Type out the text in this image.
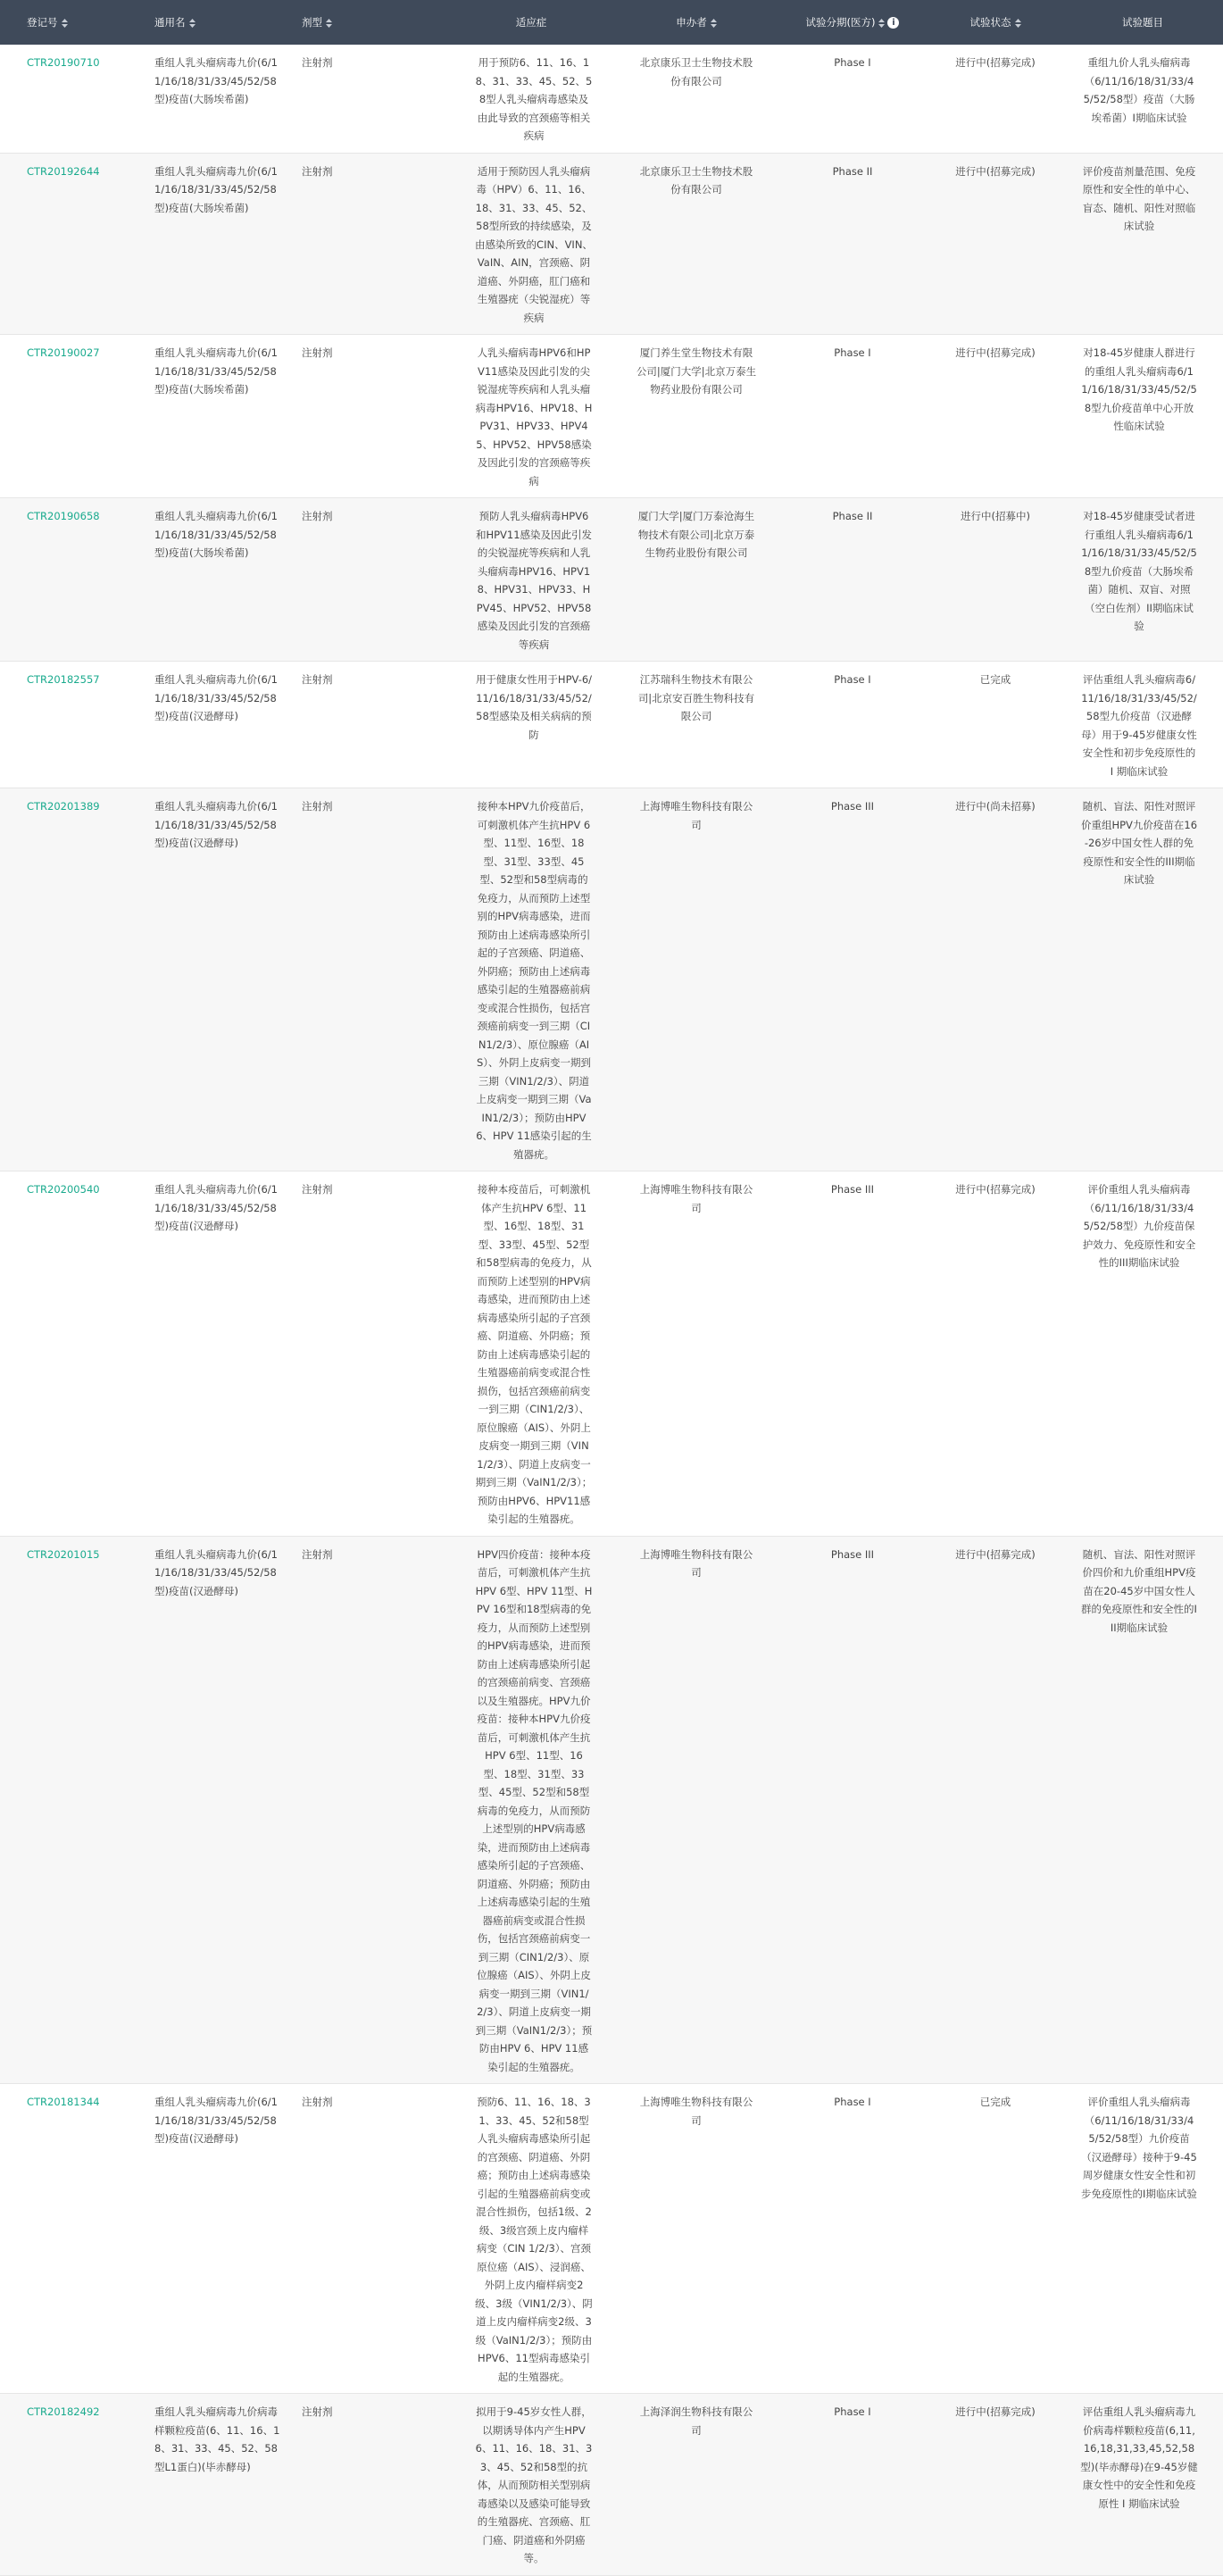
登记号	通用名	剂型	适应症	申办者	试验分期(医方) i	试验状态	试验题目
CTR20190710	重组人乳头瘤病毒九价(6/11/16/18/31/33/45/52/58型)疫苗(大肠埃希菌)	注射剂	用于预防6、11、16、18、31、33、45、52、58型人乳头瘤病毒感染及由此导致的宫颈癌等相关疾病	北京康乐卫士生物技术股份有限公司	Phase I	进行中(招募完成)	重组九价人乳头瘤病毒（6/11/16/18/31/33/45/52/58型）疫苗（大肠埃希菌）I期临床试验
CTR20192644	重组人乳头瘤病毒九价(6/11/16/18/31/33/45/52/58型)疫苗(大肠埃希菌)	注射剂	适用于预防因人乳头瘤病毒（HPV）6、11、16、18、31、33、45、52、58型所致的持续感染，及由感染所致的CIN、VIN、VaIN、AIN，宫颈癌、阴道癌、外阴癌，肛门癌和生殖器疣（尖锐湿疣）等疾病	北京康乐卫士生物技术股份有限公司	Phase II	进行中(招募完成)	评价疫苗剂量范围、免疫原性和安全性的单中心、盲态、随机、阳性对照临床试验
CTR20190027	重组人乳头瘤病毒九价(6/11/16/18/31/33/45/52/58型)疫苗(大肠埃希菌)	注射剂	人乳头瘤病毒HPV6和HPV11感染及因此引发的尖锐湿疣等疾病和人乳头瘤病毒HPV16、HPV18、HPV31、HPV33、HPV45、HPV52、HPV58感染及因此引发的宫颈癌等疾病	厦门养生堂生物技术有限公司|厦门大学|北京万泰生物药业股份有限公司	Phase I	进行中(招募完成)	对18-45岁健康人群进行的重组人乳头瘤病毒6/11/16/18/31/33/45/52/58型九价疫苗单中心开放性临床试验
CTR20190658	重组人乳头瘤病毒九价(6/11/16/18/31/33/45/52/58型)疫苗(大肠埃希菌)	注射剂	预防人乳头瘤病毒HPV6和HPV11感染及因此引发的尖锐湿疣等疾病和人乳头瘤病毒HPV16、HPV18、HPV31、HPV33、HPV45、HPV52、HPV58感染及因此引发的宫颈癌等疾病	厦门大学|厦门万泰沧海生物技术有限公司|北京万泰生物药业股份有限公司	Phase II	进行中(招募中)	对18-45岁健康受试者进行重组人乳头瘤病毒6/11/16/18/31/33/45/52/58型九价疫苗（大肠埃希菌）随机、双盲、对照（空白佐剂）II期临床试验
CTR20182557	重组人乳头瘤病毒九价(6/11/16/18/31/33/45/52/58型)疫苗(汉逊酵母)	注射剂	用于健康女性用于HPV-6/11/16/18/31/33/45/52/58型感染及相关病病的预防	江苏瑞科生物技术有限公司|北京安百胜生物科技有限公司	Phase I	已完成	评估重组人乳头瘤病毒6/11/16/18/31/33/45/52/58型九价疫苗（汉逊酵母）用于9-45岁健康女性安全性和初步免疫原性的 I 期临床试验
CTR20201389	重组人乳头瘤病毒九价(6/11/16/18/31/33/45/52/58型)疫苗(汉逊酵母)	注射剂	接种本HPV九价疫苗后，可刺激机体产生抗HPV 6型、11型、16型、18型、31型、33型、45型、52型和58型病毒的免疫力，从而预防上述型别的HPV病毒感染，进而预防由上述病毒感染所引起的子宫颈癌、阴道癌、外阴癌；预防由上述病毒感染引起的生殖器癌前病变或混合性损伤，包括宫颈癌前病变一到三期（CIN1/2/3）、原位腺癌（AIS）、外阴上皮病变一期到三期（VIN1/2/3）、阴道上皮病变一期到三期（VaIN1/2/3）；预防由HPV 6、HPV 11感染引起的生殖器疣。	上海博唯生物科技有限公司	Phase III	进行中(尚未招募)	随机、盲法、阳性对照评价重组HPV九价疫苗在16-26岁中国女性人群的免疫原性和安全性的III期临床试验
CTR20200540	重组人乳头瘤病毒九价(6/11/16/18/31/33/45/52/58型)疫苗(汉逊酵母)	注射剂	接种本疫苗后，可刺激机体产生抗HPV 6型、11型、16型、18型、31型、33型、45型、52型和58型病毒的免疫力，从而预防上述型别的HPV病毒感染，进而预防由上述病毒感染所引起的子宫颈癌、阴道癌、外阴癌；预防由上述病毒感染引起的生殖器癌前病变或混合性损伤，包括宫颈癌前病变一到三期（CIN1/2/3）、原位腺癌（AIS）、外阴上皮病变一期到三期（VIN1/2/3）、阴道上皮病变一期到三期（VaIN1/2/3）；预防由HPV6、HPV11感染引起的生殖器疣。	上海博唯生物科技有限公司	Phase III	进行中(招募完成)	评价重组人乳头瘤病毒（6/11/16/18/31/33/45/52/58型）九价疫苗保护效力、免疫原性和安全性的III期临床试验
CTR20201015	重组人乳头瘤病毒九价(6/11/16/18/31/33/45/52/58型)疫苗(汉逊酵母)	注射剂	HPV四价疫苗：接种本疫苗后，可刺激机体产生抗HPV 6型、HPV 11型、HPV 16型和18型病毒的免疫力，从而预防上述型别的HPV病毒感染，进而预防由上述病毒感染所引起的宫颈癌前病变、宫颈癌以及生殖器疣。HPV九价疫苗：接种本HPV九价疫苗后，可刺激机体产生抗HPV 6型、11型、16型、18型、31型、33型、45型、52型和58型病毒的免疫力，从而预防上述型别的HPV病毒感染，进而预防由上述病毒感染所引起的子宫颈癌、阴道癌、外阴癌；预防由上述病毒感染引起的生殖器癌前病变或混合性损伤，包括宫颈癌前病变一到三期（CIN1/2/3）、原位腺癌（AIS）、外阴上皮病变一期到三期（VIN1/2/3）、阴道上皮病变一期到三期（VaIN1/2/3）；预防由HPV 6、HPV 11感染引起的生殖器疣。	上海博唯生物科技有限公司	Phase III	进行中(招募完成)	随机、盲法、阳性对照评价四价和九价重组HPV疫苗在20-45岁中国女性人群的免疫原性和安全性的III期临床试验
CTR20181344	重组人乳头瘤病毒九价(6/11/16/18/31/33/45/52/58型)疫苗(汉逊酵母)	注射剂	预防6、11、16、18、31、33、45、52和58型人乳头瘤病毒感染所引起的宫颈癌、阴道癌、外阴癌；预防由上述病毒感染引起的生殖器癌前病变或混合性损伤，包括1级、2级、3级宫颈上皮内瘤样病变（CIN 1/2/3）、宫颈原位癌（AIS）、浸润癌、外阴上皮内瘤样病变2级、3级（VIN1/2/3）、阴道上皮内瘤样病变2级、3级（VaIN1/2/3）；预防由HPV6、11型病毒感染引起的生殖器疣。	上海博唯生物科技有限公司	Phase I	已完成	评价重组人乳头瘤病毒（6/11/16/18/31/33/45/52/58型）九价疫苗（汉逊酵母）接种于9-45周岁健康女性安全性和初步免疫原性的I期临床试验
CTR20182492	重组人乳头瘤病毒九价病毒样颗粒疫苗(6、11、16、18、31、33、45、52、58型L1蛋白)(毕赤酵母)	注射剂	拟用于9-45岁女性人群，以期诱导体内产生HPV6、11、16、18、31、33、45、52和58型的抗体，从而预防相关型别病毒感染以及感染可能导致的生殖器疣、宫颈癌、肛门癌、阴道癌和外阴癌等。	上海泽润生物科技有限公司	Phase I	进行中(招募完成)	评估重组人乳头瘤病毒九价病毒样颗粒疫苗(6,11,16,18,31,33,45,52,58型)(毕赤酵母)在9-45岁健康女性中的安全性和免疫原性 I 期临床试验
